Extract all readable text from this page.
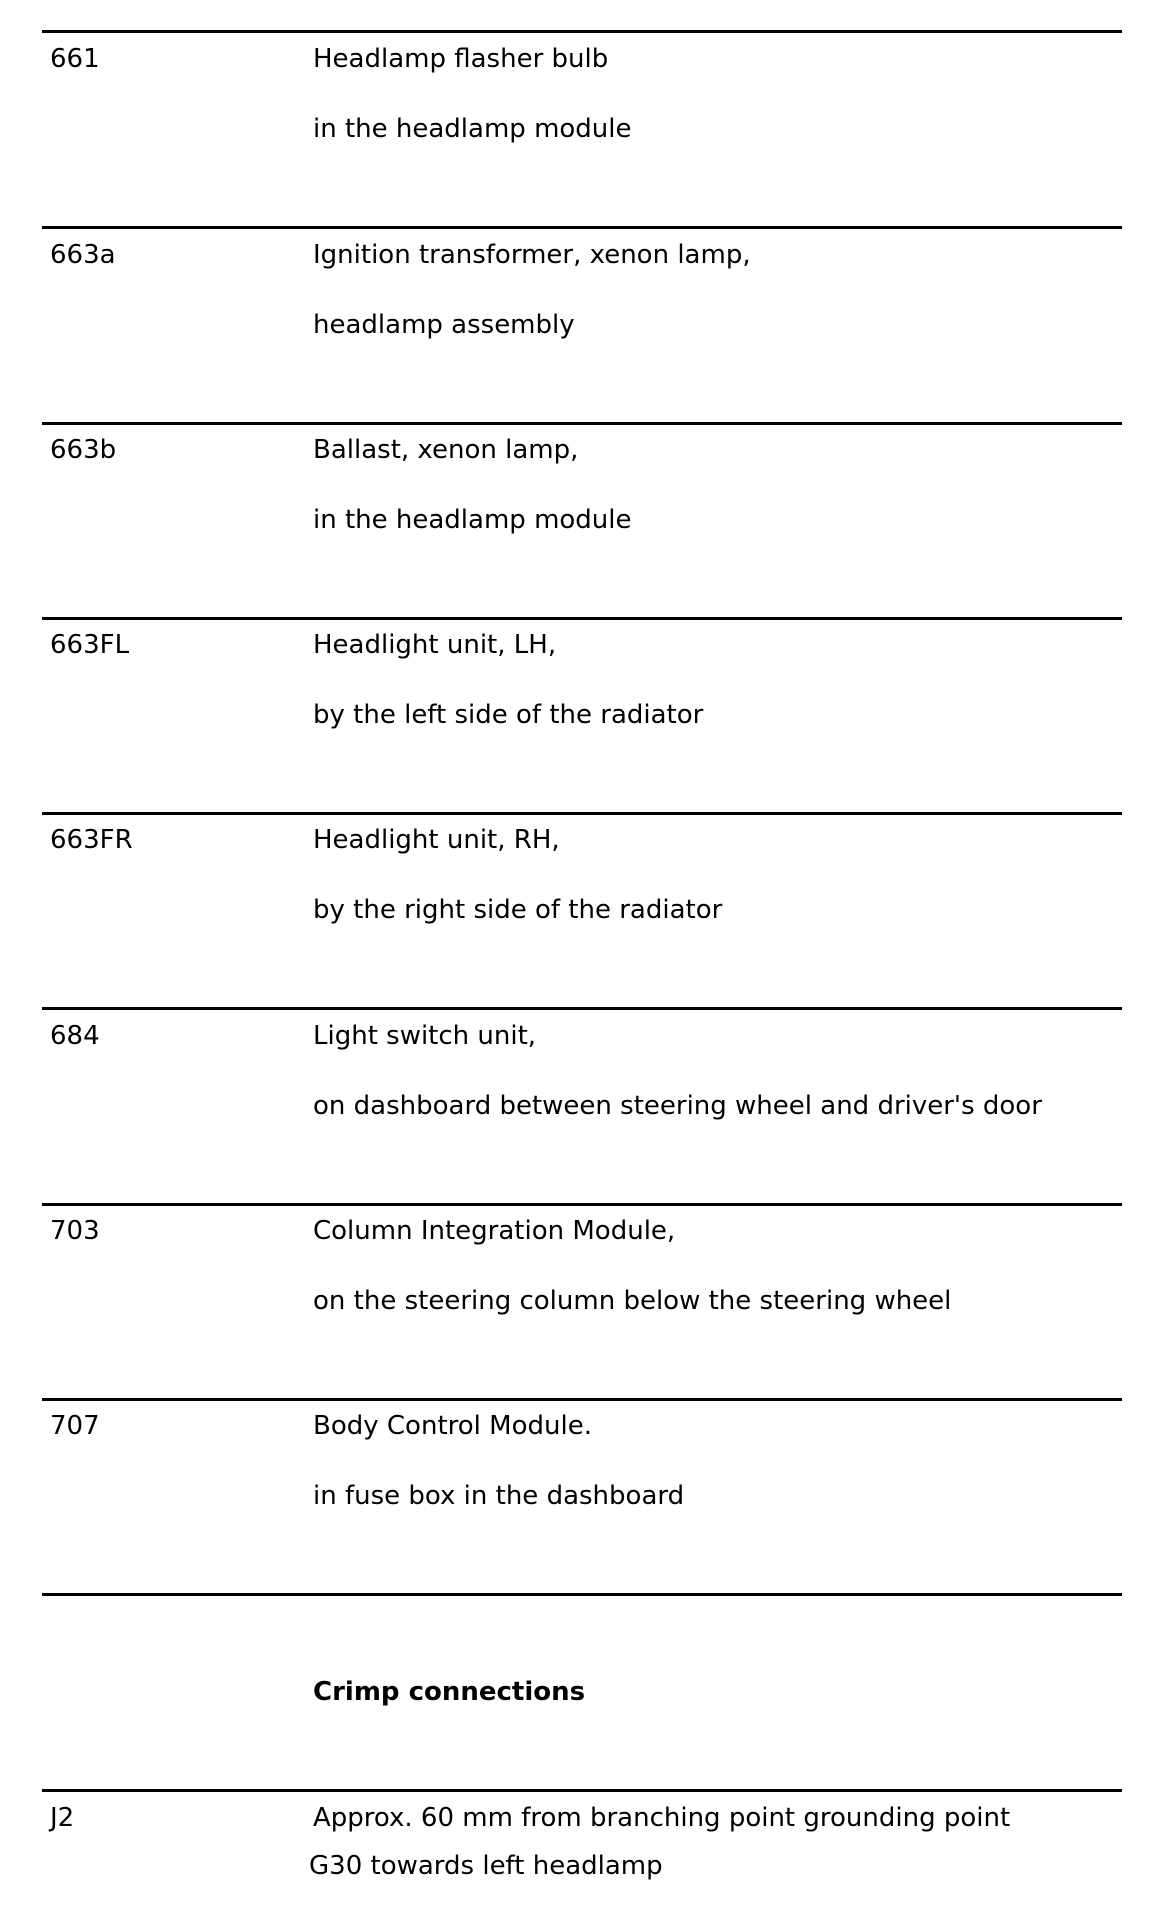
661	Headlamp flasher bulb
in the headlamp module
663a	Ignition transformer, xenon lamp,
headlamp assembly
663b	Ballast, xenon lamp,
in the headlamp module
663FL	Headlight unit, LH,
by the left side of the radiator
663FR	Headlight unit, RH,
by the right side of the radiator
684	Light switch unit,
on dashboard between steering wheel and driver's door
703	Column Integration Module,
on the steering column below the steering wheel
707	Body Control Module.
in fuse box in the dashboard
Crimp connections
J2	Approx. 60 mm from branching point grounding point
G30 towards left headlamp
